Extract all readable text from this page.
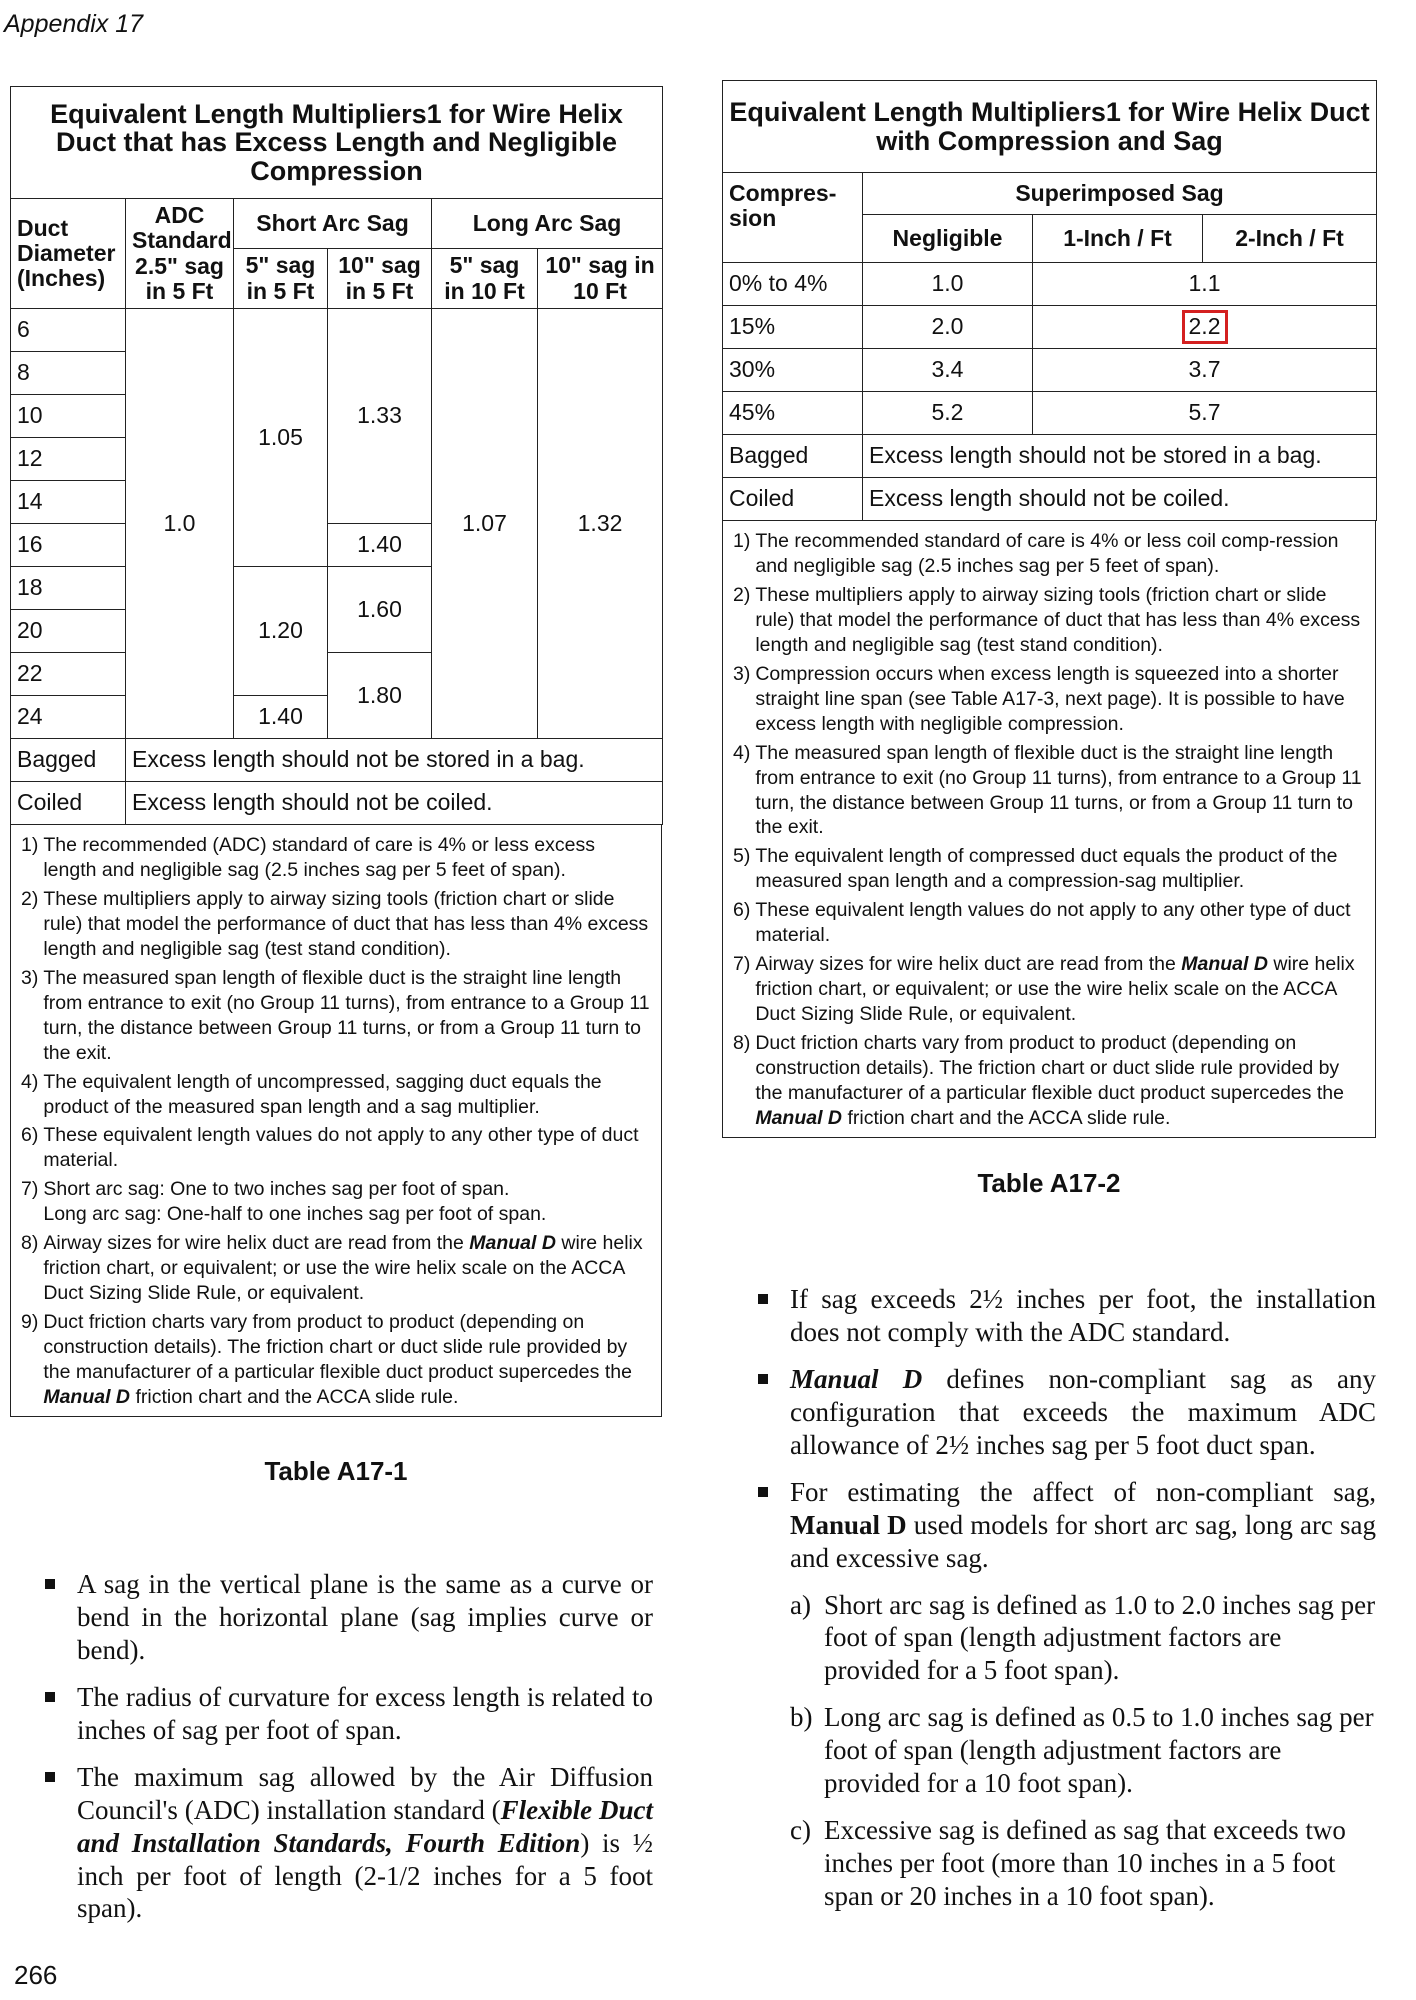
Appendix 17
Equivalent Length Multipliers1 for Wire Helix Duct that has Excess Length and Negligible Compression					
Duct Diameter (Inches)	ADC Standard 2.5" sag in 5 Ft	Short Arc Sag		Long Arc Sag	
		5" sag in 5 Ft	10" sag in 5 Ft	5" sag in 10 Ft	10" sag in 10 Ft
6	1.0	1.05	1.33	1.07	1.32
8					
10					
12					
14					
16			1.40		
18		1.20	1.60		
20					
22			1.80		
24		1.40			
Bagged	Excess length should not be stored in a bag.				
Coiled	Excess length should not be coiled.				
1) The recommended (ADC) standard of care is 4% or less excess length and negligible sag (2.5 inches sag per 5 feet of span).
2) These multipliers apply to airway sizing tools (friction chart or slide rule) that model the performance of duct that has less than 4% excess length and negligible sag (test stand condition).
3) The measured span length of flexible duct is the straight line length from entrance to exit (no Group 11 turns), from entrance to a Group 11 turn, the distance between Group 11 turns, or from a Group 11 turn to the exit.
4) The equivalent length of uncompressed, sagging duct equals the product of the measured span length and a sag multiplier.
6) These equivalent length values do not apply to any other type of duct material.
7) Short arc sag: One to two inches sag per foot of span.
Long arc sag: One-half to one inches sag per foot of span.
8) Airway sizes for wire helix duct are read from the Manual D wire helix friction chart, or equivalent; or use the wire helix scale on the ACCA Duct Sizing Slide Rule, or equivalent.
9) Duct friction charts vary from product to product (depending on construction details). The friction chart or duct slide rule provided by the manufacturer of a particular flexible duct product supercedes the Manual D friction chart and the ACCA slide rule.
Table A17-1
Equivalent Length Multipliers1 for Wire Helix Duct with Compression and Sag			
Compres-sion	Superimposed Sag		
	Negligible	1-Inch / Ft	2-Inch / Ft
0% to 4%	1.0	1.1	
15%	2.0	2.2	
30%	3.4	3.7	
45%	5.2	5.7	
Bagged	Excess length should not be stored in a bag.		
Coiled	Excess length should not be coiled.		
1) The recommended standard of care is 4% or less coil comp-ression and negligible sag (2.5 inches sag per 5 feet of span).
2) These multipliers apply to airway sizing tools (friction chart or slide rule) that model the performance of duct that has less than 4% excess length and negligible sag (test stand condition).
3) Compression occurs when excess length is squeezed into a shorter straight line span (see Table A17-3, next page). It is possible to have excess length with negligible compression.
4) The measured span length of flexible duct is the straight line length from entrance to exit (no Group 11 turns), from entrance to a Group 11 turn, the distance between Group 11 turns, or from a Group 11 turn to the exit.
5) The equivalent length of compressed duct equals the product of the measured span length and a compression-sag multiplier.
6) These equivalent length values do not apply to any other type of duct material.
7) Airway sizes for wire helix duct are read from the Manual D wire helix friction chart, or equivalent; or use the wire helix scale on the ACCA Duct Sizing Slide Rule, or equivalent.
8) Duct friction charts vary from product to product (depending on construction details). The friction chart or duct slide rule provided by the manufacturer of a particular flexible duct product supercedes the Manual D friction chart and the ACCA slide rule.
Table A17-2
A sag in the vertical plane is the same as a curve or bend in the horizontal plane (sag implies curve or bend).
The radius of curvature for excess length is related to inches of sag per foot of span.
The maximum sag allowed by the Air Diffusion Council's (ADC) installation standard (Flexible Duct and Installation Standards, Fourth Edition) is ½ inch per foot of length (2-1/2 inches for a 5 foot span).
If sag exceeds 2½ inches per foot, the installation does not comply with the ADC standard.
Manual D defines non-compliant sag as any configuration that exceeds the maximum ADC allowance of 2½ inches sag per 5 foot duct span.
For estimating the affect of non-compliant sag, Manual D used models for short arc sag, long arc sag and excessive sag.
a) Short arc sag is defined as 1.0 to 2.0 inches sag per foot of span (length adjustment factors are provided for a 5 foot span).
b) Long arc sag is defined as 0.5 to 1.0 inches sag per foot of span (length adjustment factors are provided for a 10 foot span).
c) Excessive sag is defined as sag that exceeds two inches per foot (more than 10 inches in a 5 foot span or 20 inches in a 10 foot span).
266
